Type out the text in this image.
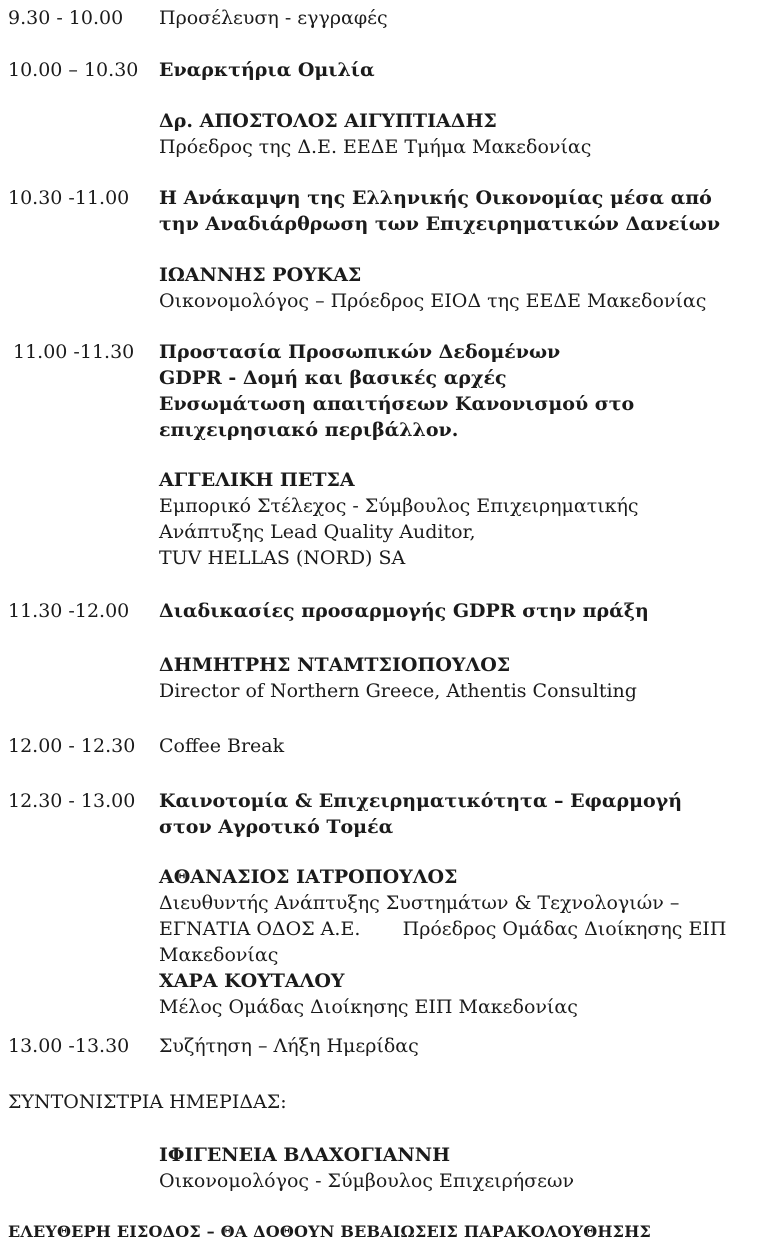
9.30 - 10.00 Προσέλευση - εγγραφές
10.00 – 10.30 Εναρκτήρια Ομιλία
Δρ. ΑΠΟΣΤΟΛΟΣ ΑΙΓΥΠΤΙΑΔΗΣ
Πρόεδρος της Δ.Ε. ΕΕΔΕ Τμήμα Μακεδονίας
10.30 -11.00 Η Ανάκαμψη της Ελληνικής Οικονομίας μέσα από
την Αναδιάρθρωση των Επιχειρηματικών Δανείων
ΙΩΑΝΝΗΣ ΡΟΥΚΑΣ
Οικονομολόγος – Πρόεδρος ΕΙΟΔ της ΕΕΔΕ Μακεδονίας
11.00 -11.30 Προστασία Προσωπικών Δεδομένων
GDPR - Δομή και βασικές αρχές
Ενσωμάτωση απαιτήσεων Κανονισμού στο
επιχειρησιακό περιβάλλον.
ΑΓΓΕΛΙΚΗ ΠΕΤΣΑ
Εμπορικό Στέλεχος - Σύμβουλος Επιχειρηματικής
Ανάπτυξης Lead Quality Auditor,
TUV HELLAS (NORD) SA
11.30 -12.00 Διαδικασίες προσαρμογής GDPR στην πράξη
ΔΗΜΗΤΡΗΣ ΝΤΑΜΤΣΙΟΠΟΥΛΟΣ
Director of Northern Greece, Athentis Consulting
12.00 - 12.30 Coffee Break
12.30 - 13.00 Καινοτομία & Επιχειρηματικότητα – Εφαρμογή
στον Αγροτικό Τομέα
ΑΘΑΝΑΣΙΟΣ ΙΑΤΡΟΠΟΥΛΟΣ
Διευθυντής Ανάπτυξης Συστημάτων & Τεχνολογιών –
ΕΓΝΑΤΙΑ ΟΔΟΣ Α.Ε.       Πρόεδρος Ομάδας Διοίκησης ΕΙΠ
Μακεδονίας
ΧΑΡΑ ΚΟΥΤΑΛΟΥ
Μέλος Ομάδας Διοίκησης ΕΙΠ Μακεδονίας
13.00 -13.30 Συζήτηση – Λήξη Ημερίδας
ΣΥΝΤΟΝΙΣΤΡΙΑ ΗΜΕΡΙΔΑΣ:
ΙΦΙΓΕΝΕΙΑ ΒΛΑΧΟΓΙΑΝΝΗ
Οικονομολόγος - Σύμβουλος Επιχειρήσεων
ΕΛΕΥΘΕΡΗ ΕΙΣΟΔΟΣ – ΘΑ ΔΟΘΟΥΝ ΒΕΒΑΙΩΣΕΙΣ ΠΑΡΑΚΟΛΟΥΘΗΣΗΣ
